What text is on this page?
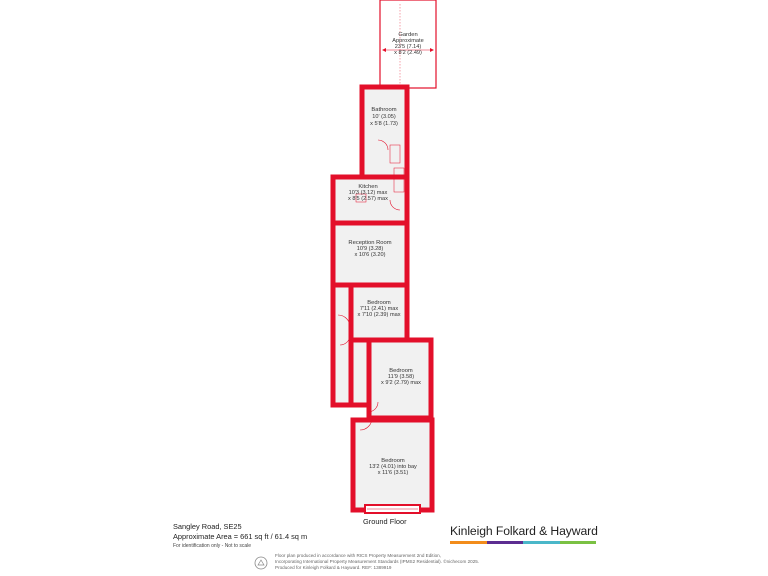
Garden
Approximate
23'5 (7.14)
x 8'2 (2.49)
Bathroom
10' (3.05)
x 5'8 (1.73)
Kitchen
10'3 (3.12) max
x 8'5 (2.57) max
Reception Room
10'9 (3.28)
x 10'6 (3.20)
Bedroom
7'11 (2.41) max
x 7'10 (2.39) max
Bedroom
11'9 (3.58)
x 9'2 (2.79) max
Bedroom
13'2 (4.01) into bay
x 11'6 (3.51)
Ground Floor
Sangley Road, SE25
Approximate Area = 661 sq ft / 61.4 sq m
For identification only - Not to scale
Kinleigh Folkard & Hayward
Floor plan produced in accordance with RICS Property Measurement 2nd Edition,
Incorporating International Property Measurement Standards (IPMS2 Residential). ©nichecom 2025.
Produced for Kinleigh Folkard & Hayward. REF: 1389919
